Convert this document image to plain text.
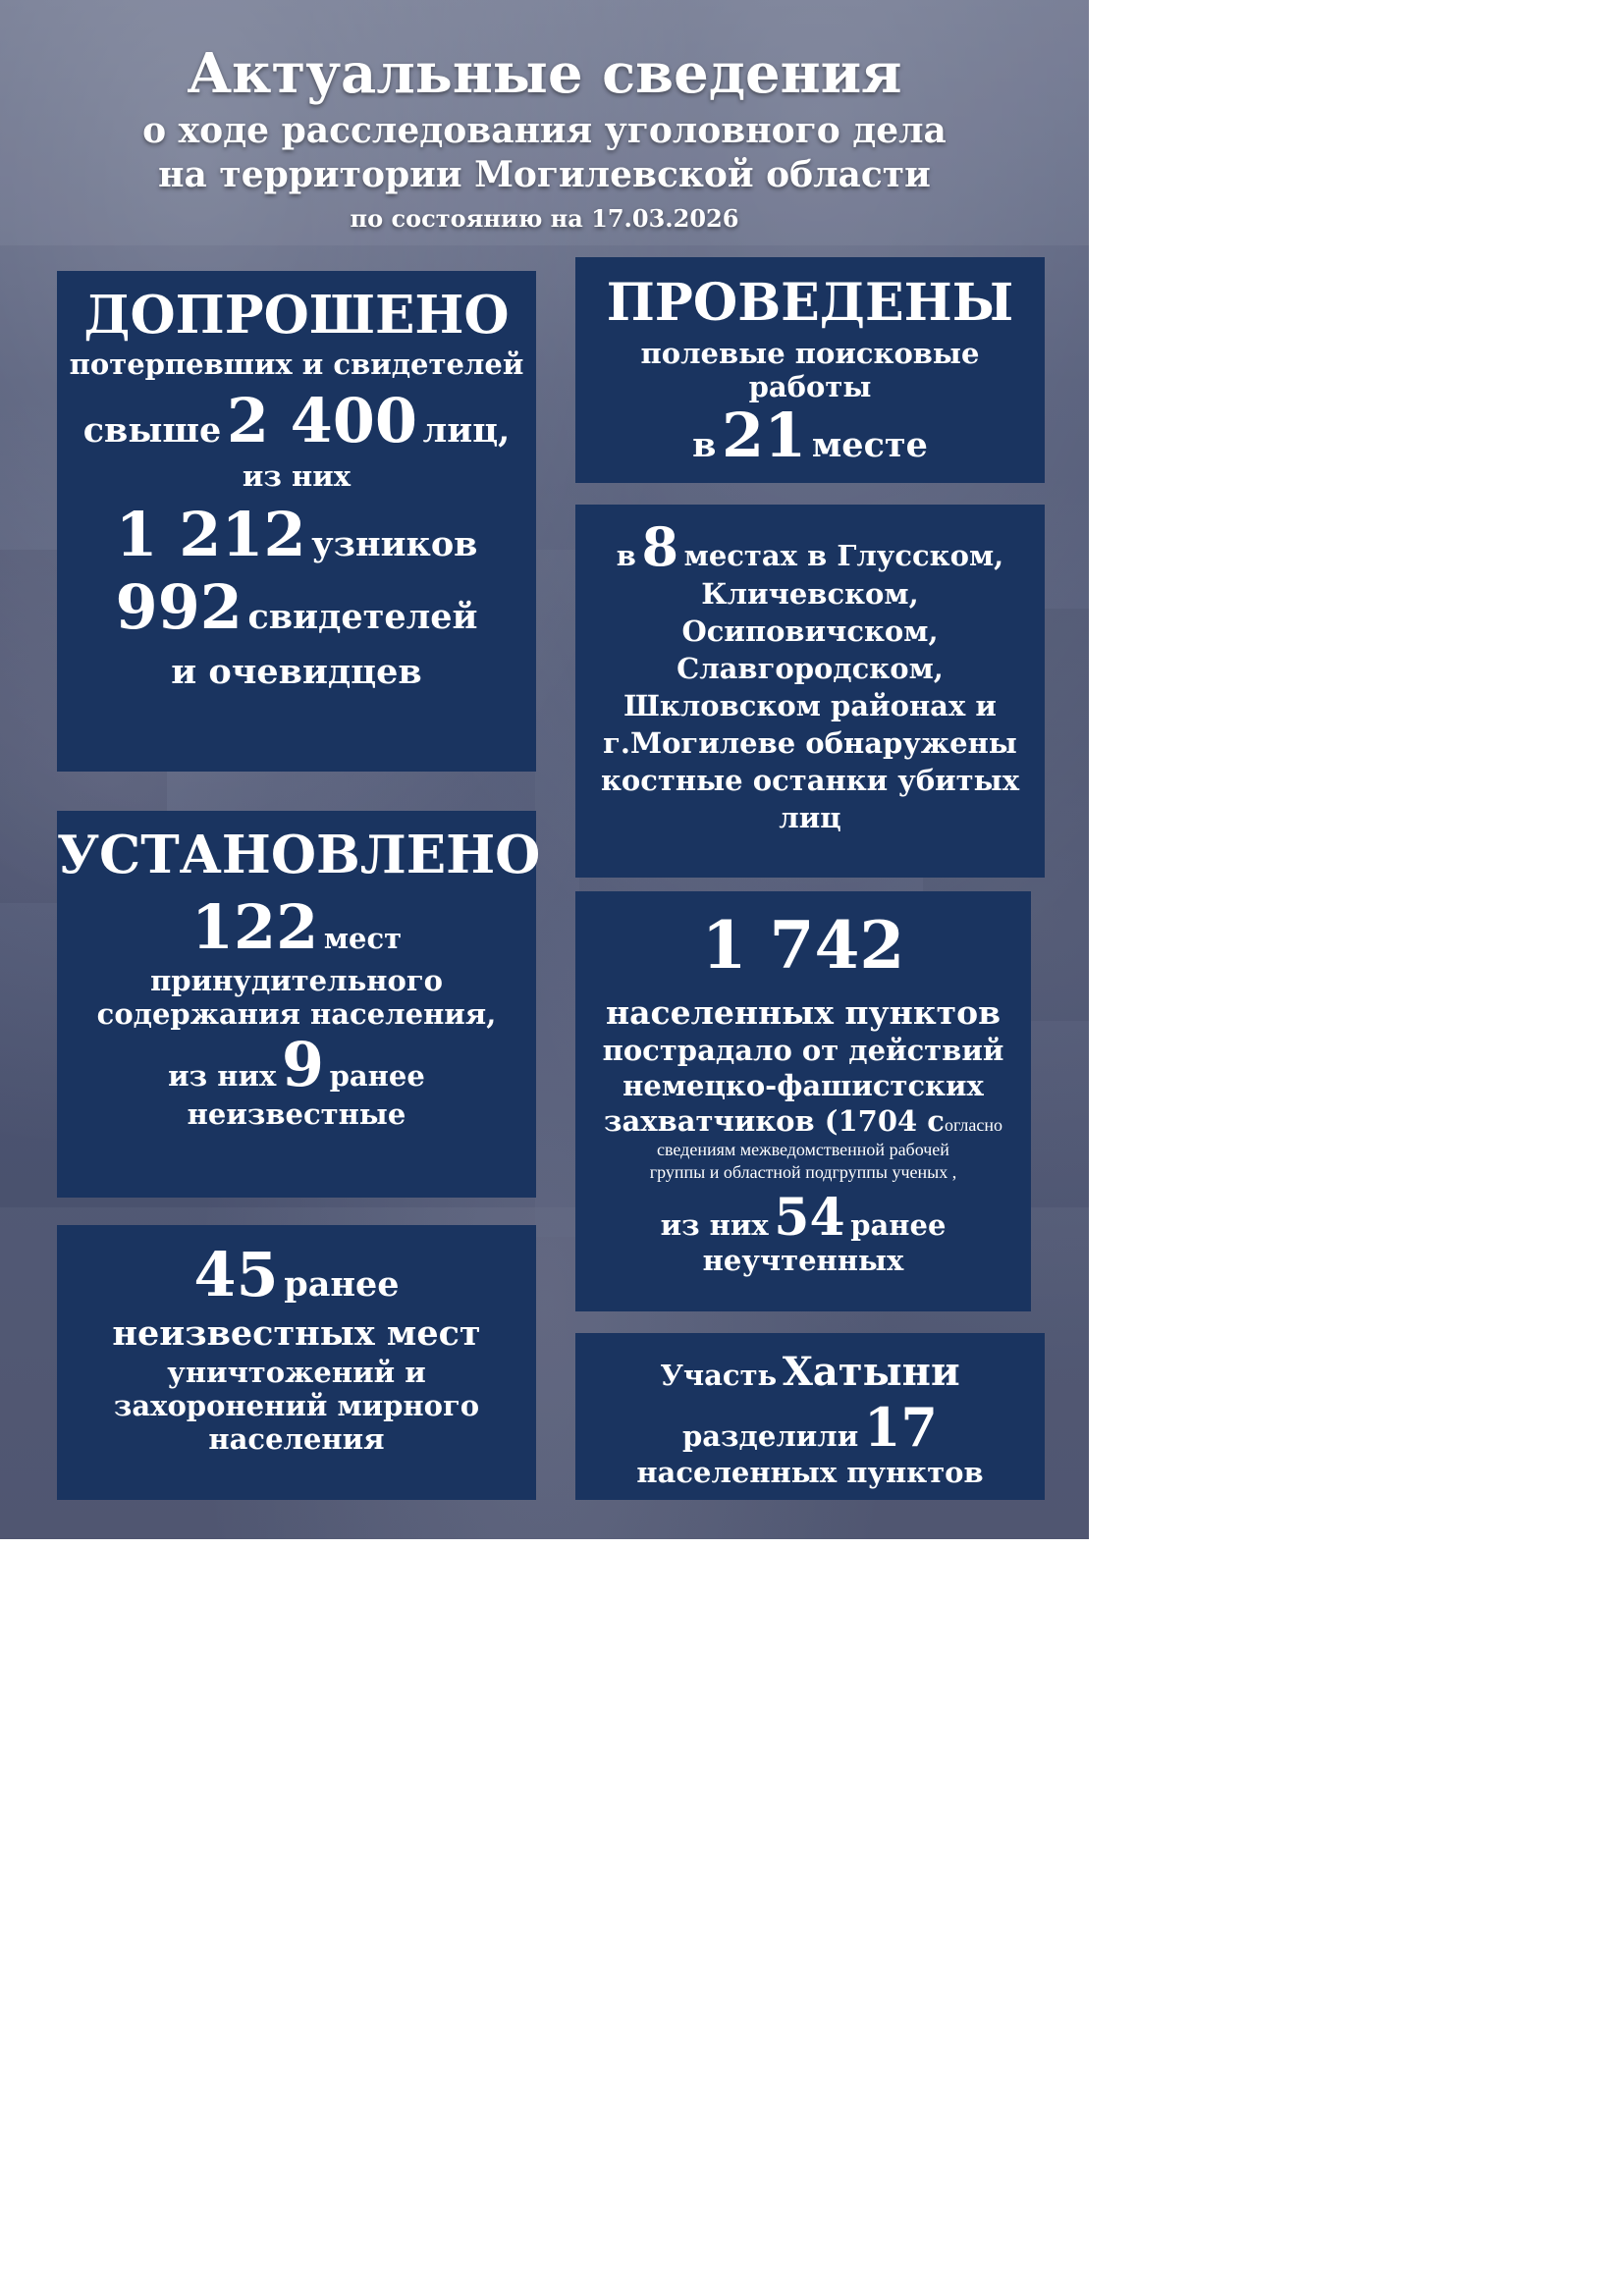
Актуальные сведения
о ходе расследования уголовного дела
на территории Могилевской области
по состоянию на 17.03.2026
ДОПРОШЕНО
потерпевших и свидетелей
свыше 2 400 лиц,
из них
1 212 узников
992 свидетелей
и очевидцев
УСТАНОВЛЕНО
122 мест
принудительного
содержания населения,
из них 9 ранее
неизвестные
45 ранее
неизвестных мест
уничтожений и
захоронений мирного
населения
ПРОВЕДЕНЫ
полевые поисковые
работы
в 21 месте
в 8 местах в Глусском,
Кличевском,
Осиповичском,
Славгородском,
Шкловском районах и
г.Могилеве обнаружены
костные останки убитых
лиц
1 742
населенных пунктов
пострадало от действий
немецко-фашистских
захватчиков (1704 согласно
сведениям межведомственной рабочей
группы и областной подгруппы ученых ,
из них 54 ранее
неучтенных
Участь Хатыни
разделили 17
населенных пунктов
